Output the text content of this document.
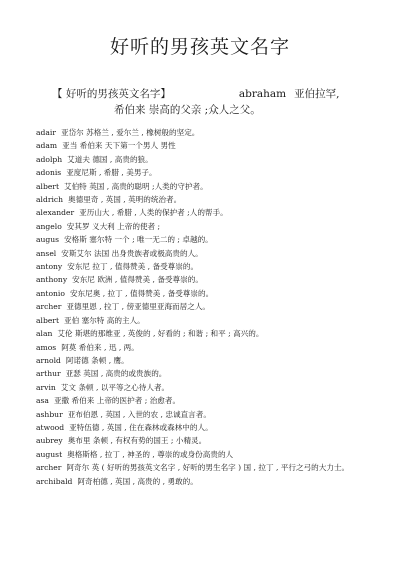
好听的男孩英文名字
【 好听的男孩英文名字】	abraham 亚伯拉罕,
希伯来 崇高的父亲 ;众人之父。

adair 亚岱尔 苏格兰 , 爱尔兰 , 橡树般的坚定。

adam 亚当 希伯来 天下第一个男人 男性

adolph 艾道夫 德国 , 高贵的狼。

adonis 亚度尼斯 , 希腊 , 美男子。

albert 艾伯特 英国 , 高贵的聪明 ;人类的守护者。

aldrich 奥德里奇 , 英国 , 英明的统治者。

alexander 亚历山大 , 希腊 , 人类的保护者 ;人的帮手。

angelo 安其罗 义大利 上帝的使者 ;

augus 安格斯 塞尔特 一个 ; 唯一无二的 ; 卓越的。

ansel 安斯艾尔 法国 出身贵族者或极高贵的人。

antony 安东尼 拉丁 , 值得赞美 , 备受尊崇的。

anthony 安东尼 欧洲 , 值得赞美 , 备受尊崇的。

antonio 安东尼奥 , 拉丁 , 值得赞美 , 备受尊崇的。

archer 亚德里恩 , 拉丁 , 傍亚德里亚海而居之人。

albert 亚伯 塞尔特 高的主人。

alan 艾伦 斯堪的那维亚 , 英俊的 , 好看的 ; 和谐 ; 和平 ; 高兴的。

amos 阿莫 希伯来 , 迅 , 两。

arnold 阿诺德 条顿 , 鹰。

arthur 亚瑟 英国 , 高贵的或贵族的。

arvin 艾文 条顿 , 以平等之心待人者。

asa 亚撒 希伯来 上帝的医护者 ; 治愈者。

ashbur 亚布伯恩 , 英国 , 入世的农 , 忠诚直言者。

atwood 亚特伍德 , 英国 , 住在森林或森林中的人。

aubrey 奥布里 条顿 , 有权有势的国王 ; 小精灵。

august 奥格斯格 , 拉丁 , 神圣的 , 尊崇的或身份高贵的人

archer 阿奇尔 英 ( 好听的男孩英文名字 , 好听的男生名字 ) 国 , 拉丁 , 平行之弓的大力士。

archibald 阿奇柏德 , 英国 , 高贵的 , 勇敢的。
